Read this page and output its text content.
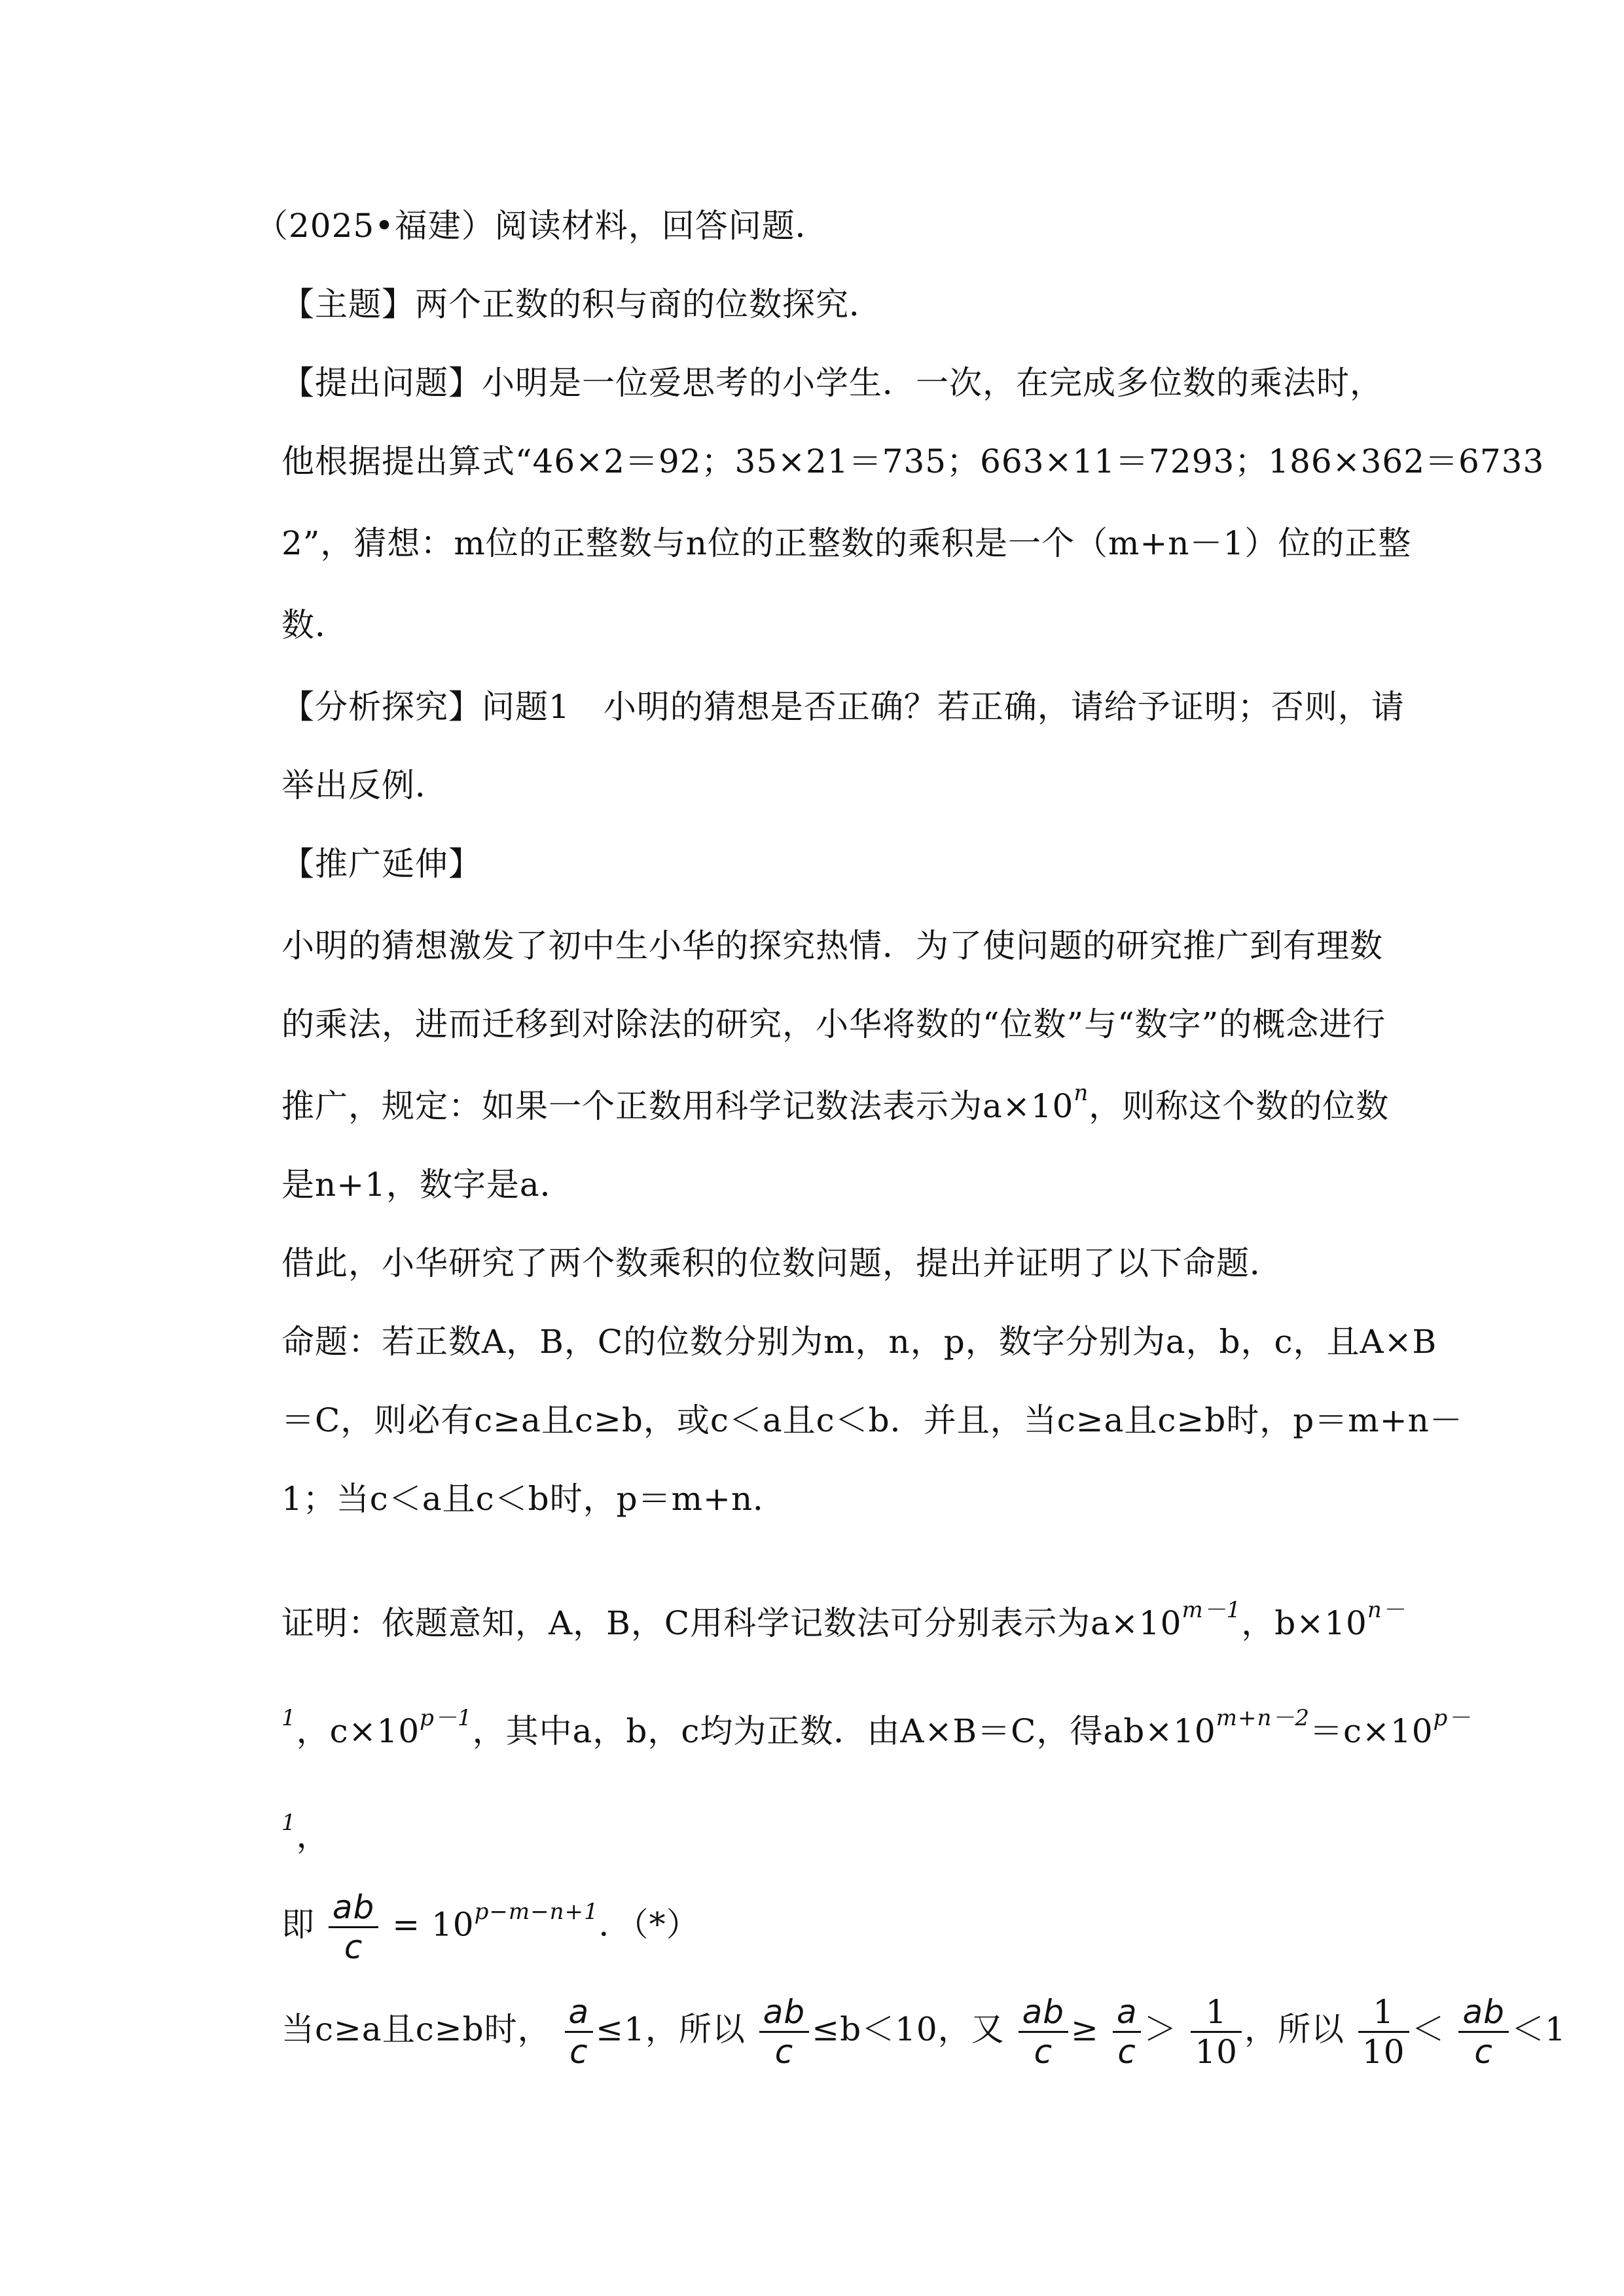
（2025•福建）阅读材料，回答问题．
【主题】两个正数的积与商的位数探究．
【提出问题】小明是一位爱思考的小学生．一次，在完成多位数的乘法时，
他根据提出算式“46×2＝92；35×21＝735；663×11＝7293；186×362＝6733
2”，猜想：m位的正整数与n位的正整数的乘积是一个（m+n－1）位的正整
数．
【分析探究】问题1　小明的猜想是否正确？若正确，请给予证明；否则，请
举出反例．
【推广延伸】
小明的猜想激发了初中生小华的探究热情．为了使问题的研究推广到有理数
的乘法，进而迁移到对除法的研究，小华将数的“位数”与“数字”的概念进行
推广，规定：如果一个正数用科学记数法表示为$a\times 10^n$，则称这个数的位数
是n+1，数字是a．
借此，小华研究了两个数乘积的位数问题，提出并证明了以下命题．
命题：若正数A，B，C的位数分别为m，n，p，数字分别为a，b，c，且A×B
＝C，则必有c≥a且c≥b，或c＜a且c＜b．并且，当c≥a且c≥b时，p＝m+n－
1；当c＜a且c＜b时，p＝m+n．
证明：依题意知，A，B，C用科学记数法可分别表示为$a\times 10^{m-1}$，$b\times 10^{n-}$
$^1$，$c\times 10^{p-1}$，其中a，b，c均为正数．由A×B＝C，得$ab\times 10^{m+n-2}=c\times 10^{p-}$
$^1$，
即 $\frac{ab}{c} = 10^{p-m-n+1}$．（*）
当c≥a且c≥b时， $\frac{a}{c} \le 1$，所以 $\frac{ab}{c} \le b<10$，又 $\frac{ab}{c} \ge \frac{a}{c} > \frac{1}{10}$ ，所以 $\frac{1}{10} < \frac{ab}{c} <1$
